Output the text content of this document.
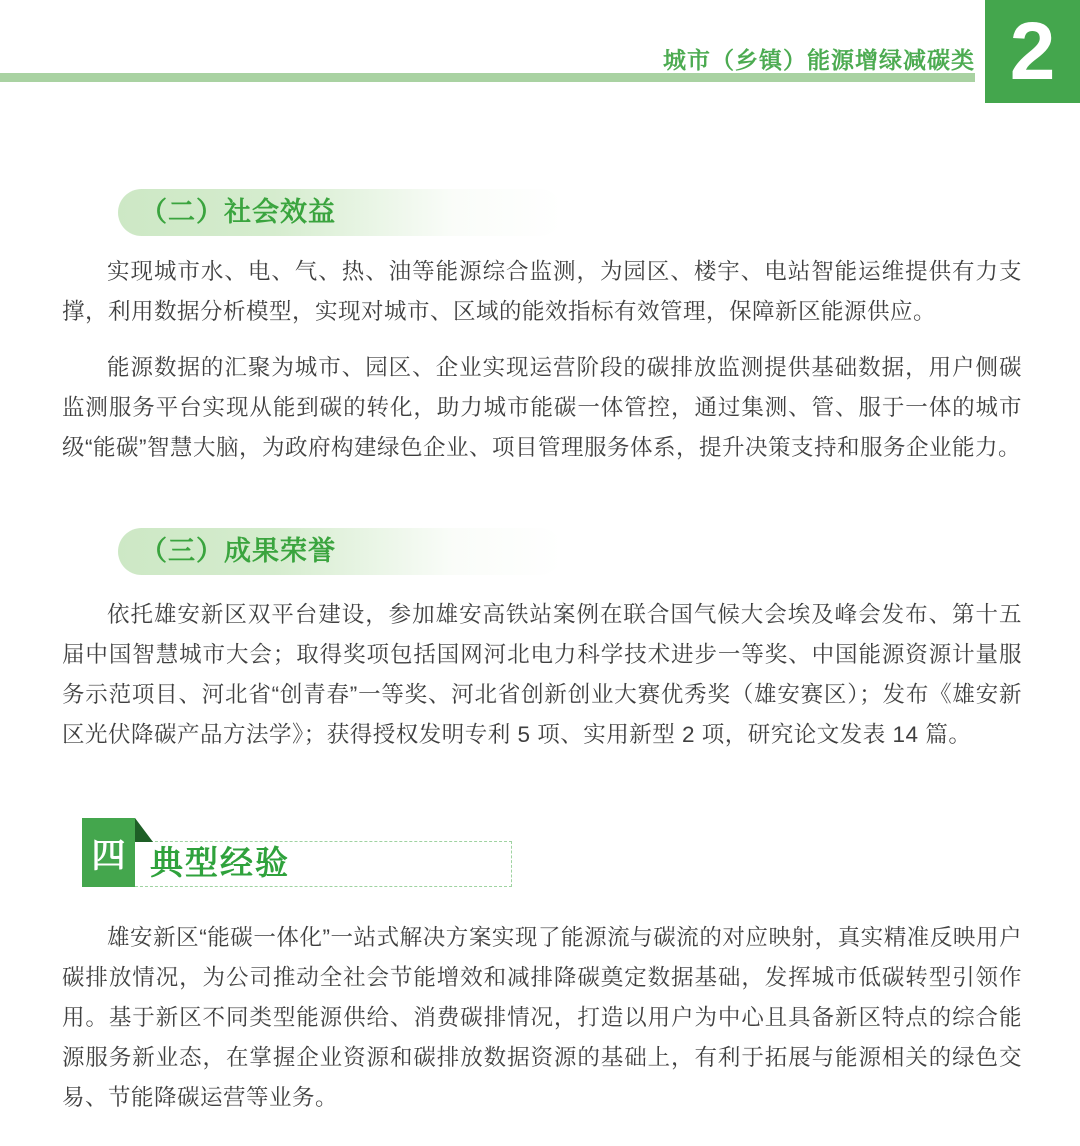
城市（乡镇）能源增绿减碳类 2
（二）社会效益

实现城市水、电、气、热、油等能源综合监测，为园区、楼宇、电站智能运维提供有力支撑，利用数据分析模型，实现对城市、区域的能效指标有效管理，保障新区能源供应。

能源数据的汇聚为城市、园区、企业实现运营阶段的碳排放监测提供基础数据，用户侧碳监测服务平台实现从能到碳的转化，助力城市能碳一体管控，通过集测、管、服于一体的城市级“能碳”智慧大脑，为政府构建绿色企业、项目管理服务体系，提升决策支持和服务企业能力。

（三）成果荣誉

依托雄安新区双平台建设，参加雄安高铁站案例在联合国气候大会埃及峰会发布、第十五届中国智慧城市大会；取得奖项包括国网河北电力科学技术进步一等奖、中国能源资源计量服务示范项目、河北省“创青春”一等奖、河北省创新创业大赛优秀奖（雄安赛区）；发布《雄安新区光伏降碳产品方法学》；获得授权发明专利 5 项、实用新型 2 项，研究论文发表 14 篇。

四 典型经验

雄安新区“能碳一体化”一站式解决方案实现了能源流与碳流的对应映射，真实精准反映用户碳排放情况，为公司推动全社会节能增效和减排降碳奠定数据基础，发挥城市低碳转型引领作用。基于新区不同类型能源供给、消费碳排情况，打造以用户为中心且具备新区特点的综合能源服务新业态，在掌握企业资源和碳排放数据资源的基础上，有利于拓展与能源相关的绿色交易、节能降碳运营等业务。
